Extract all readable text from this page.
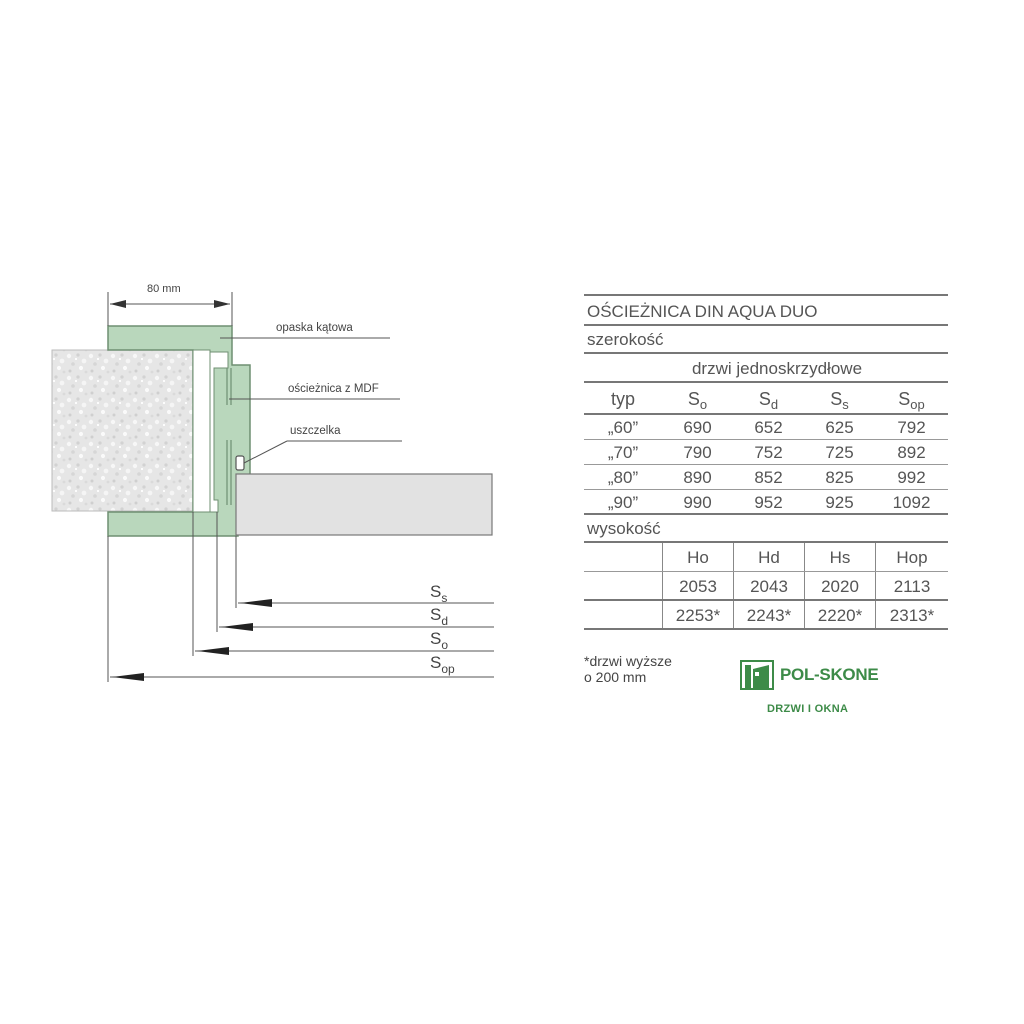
80 mm
opaska kątowa
ościeżnica z MDF
uszczelka
$S_s$
$S_d$
$S_o$
$S_{op}$
OŚCIEŻNICA DIN AQUA DUO
szerokość
drzwi jednoskrzydłowe
typ	$S_o$	$S_d$	$S_s$	$S_{op}$
„60”	690	652	625	792
„70”	790	752	725	892
„80”	890	852	825	992
„90”	990	952	925	1092
wysokość
Ho	Hd	Hs	Hop
2053	2043	2020	2113
2253*	2243*	2220*	2313*
*drzwi wyższe
o 200 mm	POL-SKONE
DRZWI I OKNA
